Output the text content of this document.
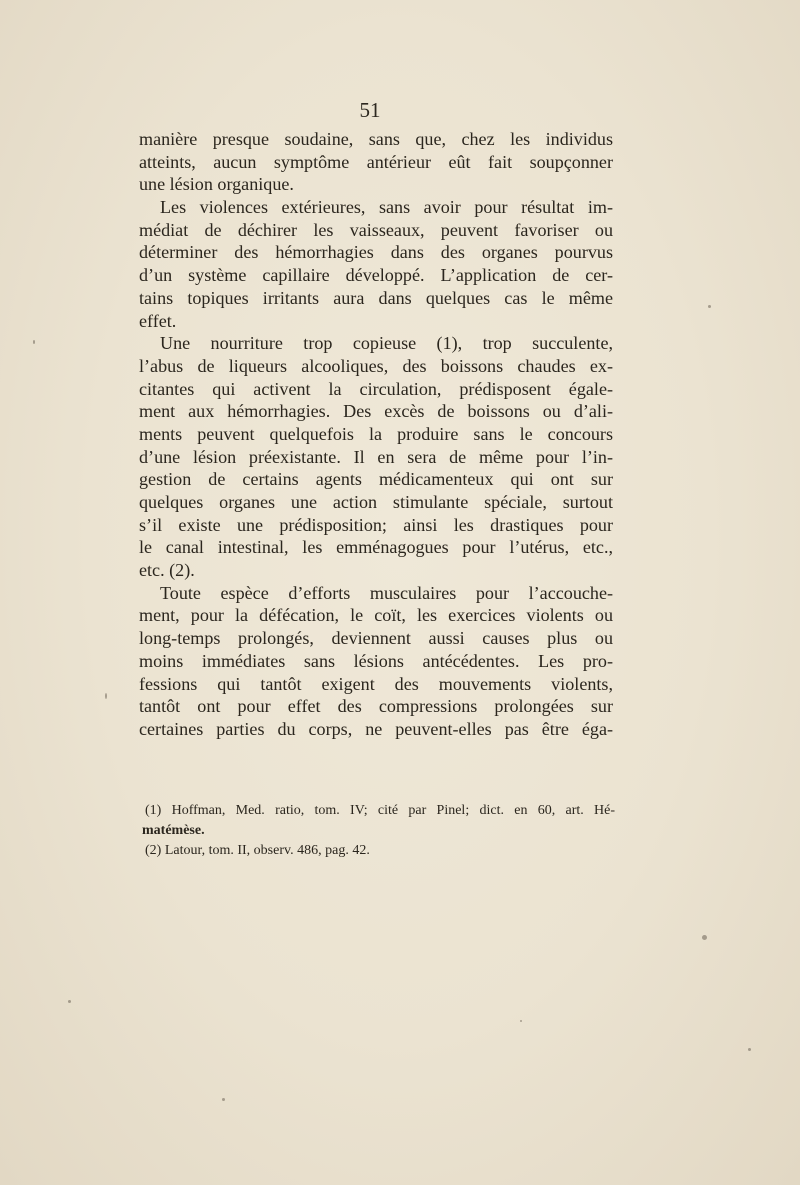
51
manière presque soudaine, sans que, chez les individus
atteints, aucun symptôme antérieur eût fait soupçonner
une lésion organique.
Les violences extérieures, sans avoir pour résultat im-
médiat de déchirer les vaisseaux, peuvent favoriser ou
déterminer des hémorrhagies dans des organes pourvus
d’un système capillaire développé. L’application de cer-
tains topiques irritants aura dans quelques cas le même
effet.
Une nourriture trop copieuse (1), trop succulente,
l’abus de liqueurs alcooliques, des boissons chaudes ex-
citantes qui activent la circulation, prédisposent égale-
ment aux hémorrhagies. Des excès de boissons ou d’ali-
ments peuvent quelquefois la produire sans le concours
d’une lésion préexistante. Il en sera de même pour l’in-
gestion de certains agents médicamenteux qui ont sur
quelques organes une action stimulante spéciale, surtout
s’il existe une prédisposition; ainsi les drastiques pour
le canal intestinal, les emménagogues pour l’utérus, etc.,
etc. (2).
Toute espèce d’efforts musculaires pour l’accouche-
ment, pour la défécation, le coït, les exercices violents ou
long-temps prolongés, deviennent aussi causes plus ou
moins immédiates sans lésions antécédentes. Les pro-
fessions qui tantôt exigent des mouvements violents,
tantôt ont pour effet des compressions prolongées sur
certaines parties du corps, ne peuvent-elles pas être éga-
(1) Hoffman, Med. ratio, tom. IV; cité par Pinel; dict. en 60, art. Hé-
matémèse.
(2) Latour, tom. II, observ. 486, pag. 42.
